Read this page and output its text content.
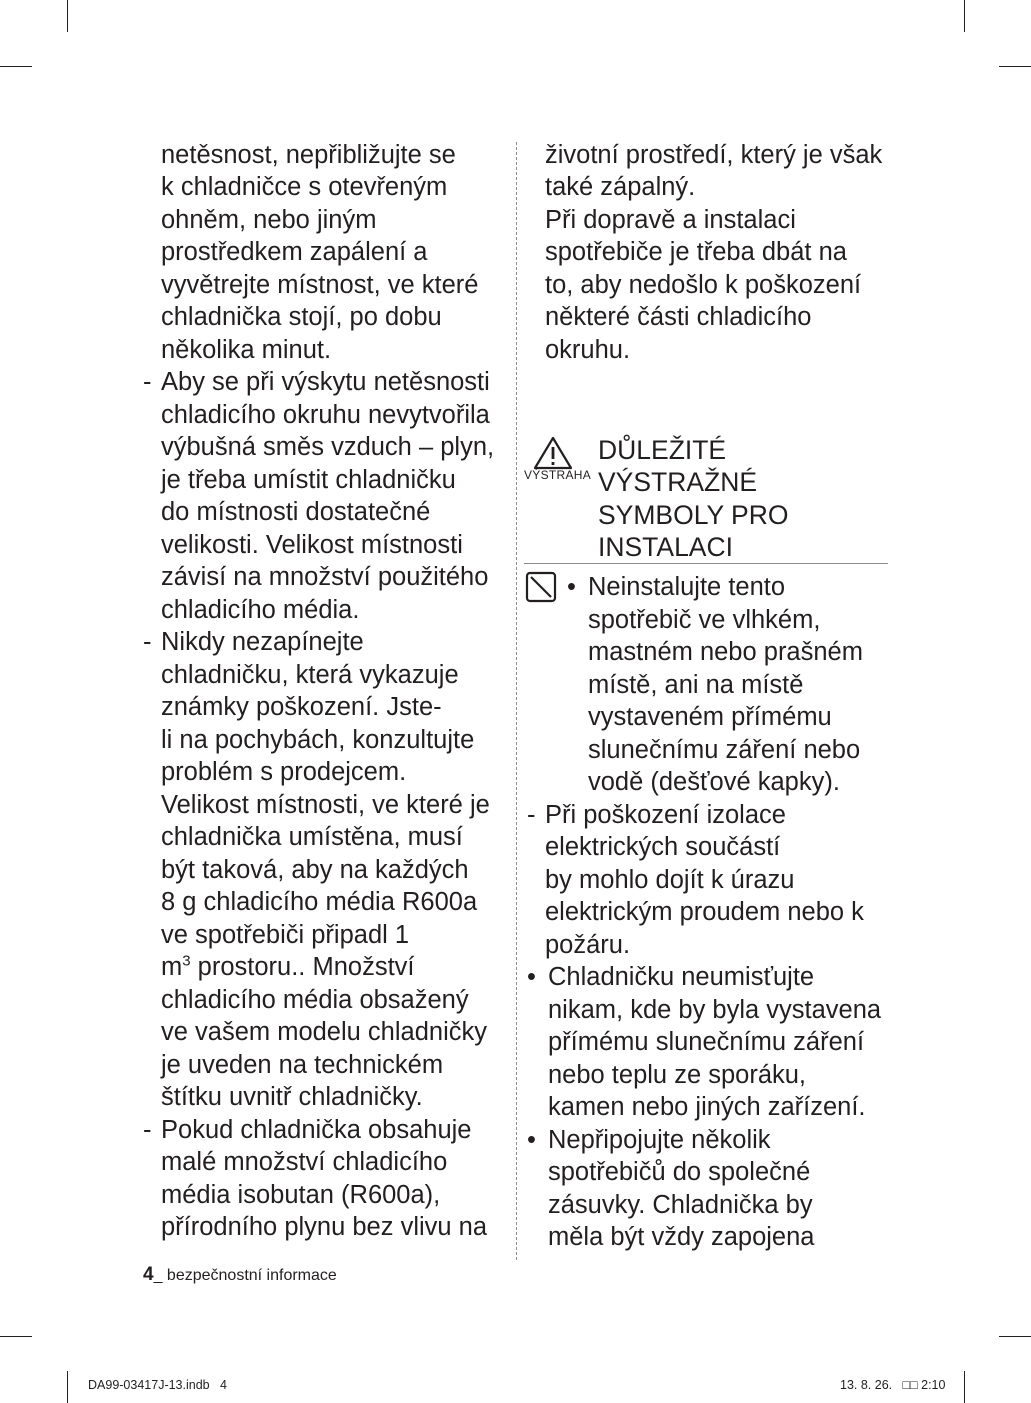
netěsnost, nepřibližujte se
k chladničce s otevřeným
ohněm, nebo jiným
prostředkem zapálení a
vyvětrejte místnost, ve které
chladnička stojí, po dobu
několika minut.
- Aby se při výskytu netěsnosti
chladicího okruhu nevytvořila
výbušná směs vzduch – plyn,
je třeba umístit chladničku
do místnosti dostatečné
velikosti. Velikost místnosti
závisí na množství použitého
chladicího média.
- Nikdy nezapínejte
chladničku, která vykazuje
známky poškození. Jste-
li na pochybách, konzultujte
problém s prodejcem.
Velikost místnosti, ve které je
chladnička umístěna, musí
být taková, aby na každých
8 g chladicího média R600a
ve spotřebiči připadl 1
$m^3$ prostoru.. Množství
chladicího média obsažený
ve vašem modelu chladničky
je uveden na technickém
štítku uvnitř chladničky.
- Pokud chladnička obsahuje
malé množství chladicího
média isobutan (R600a),
přírodního plynu bez vlivu na
životní prostředí, který je však
také zápalný.
Při dopravě a instalaci
spotřebiče je třeba dbát na
to, aby nedošlo k poškození
některé části chladicího
okruhu.
VÝSTRAHA
DŮLEŽITÉ
VÝSTRAŽNÉ
SYMBOLY PRO
INSTALACI
• Neinstalujte tento
spotřebič ve vlhkém,
mastném nebo prašném
místě, ani na místě
vystaveném přímému
slunečnímu záření nebo
vodě (dešťové kapky).
- Při poškození izolace
elektrických součástí
by mohlo dojít k úrazu
elektrickým proudem nebo k
požáru.
• Chladničku neumisťujte
nikam, kde by byla vystavena
přímému slunečnímu záření
nebo teplu ze sporáku,
kamen nebo jiných zařízení.
• Nepřipojujte několik
spotřebičů do společné
zásuvky. Chladnička by
měla být vždy zapojena
4_ bezpečnostní informace
DA99-03417J-13.indb   4	13. 8. 26.   □□ 2:10
